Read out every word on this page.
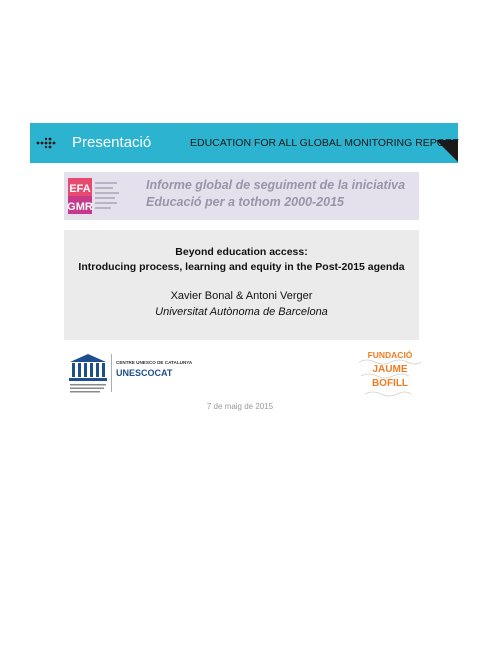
Presentació	EDUCATION FOR ALL GLOBAL MONITORING REPORT
EFA
GMR
Informe global de seguiment de la iniciativa
Educació per a tothom 2000-2015
Beyond education access:
Introducing process, learning and equity in the Post-2015 agenda
Xavier Bonal & Antoni Verger
Universitat Autònoma de Barcelona
CENTRE UNESCO DE CATALUNYA
UNESCOCAT
FUNDACIÓ
JAUME
BOFILL
7 de maig de 2015
